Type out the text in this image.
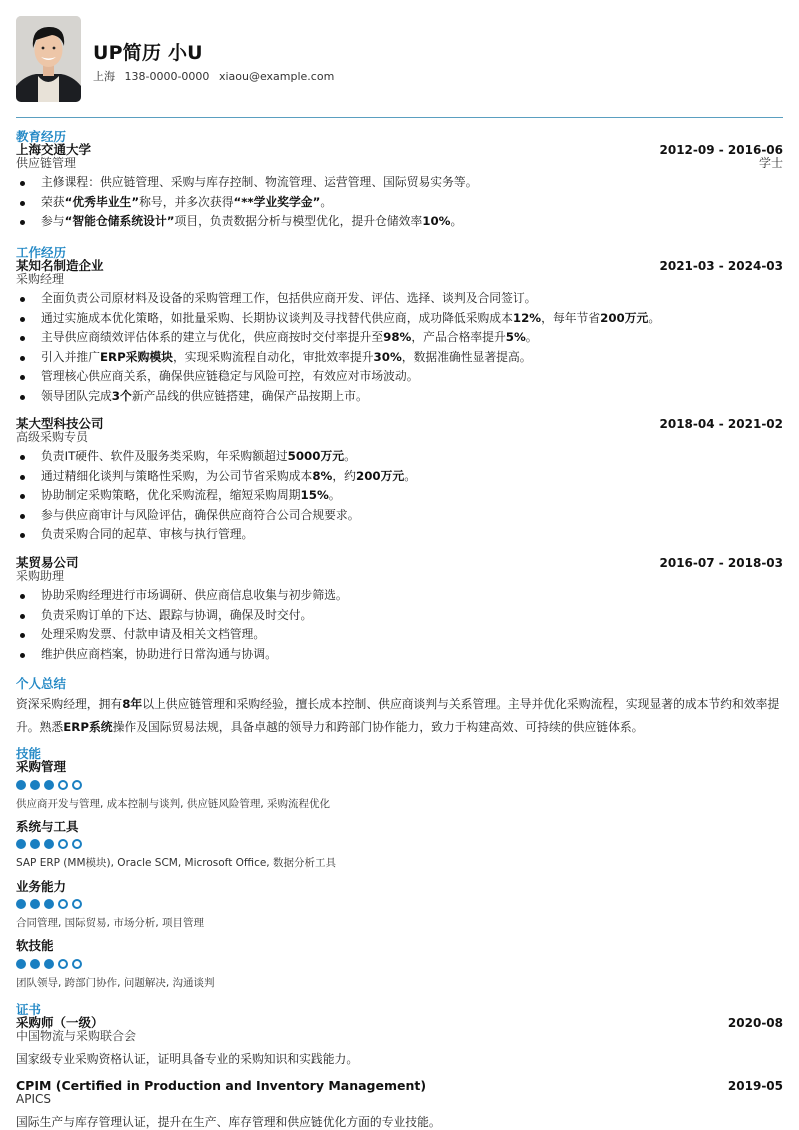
UP简历 小U
上海 138-0000-0000 xiaou@example.com
教育经历
上海交通大学
供应链管理
2012-09 - 2016-06
学士
主修课程：供应链管理、采购与库存控制、物流管理、运营管理、国际贸易实务等。
荣获“优秀毕业生”称号，并多次获得“**学业奖学金”。
参与“智能仓储系统设计”项目，负责数据分析与模型优化，提升仓储效率10%。
工作经历
某知名制造企业
采购经理
2021-03 - 2024-03
全面负责公司原材料及设备的采购管理工作，包括供应商开发、评估、选择、谈判及合同签订。
通过实施成本优化策略，如批量采购、长期协议谈判及寻找替代供应商，成功降低采购成本12%，每年节省200万元。
主导供应商绩效评估体系的建立与优化，供应商按时交付率提升至98%，产品合格率提升5%。
引入并推广ERP采购模块，实现采购流程自动化，审批效率提升30%，数据准确性显著提高。
管理核心供应商关系，确保供应链稳定与风险可控，有效应对市场波动。
领导团队完成3个新产品线的供应链搭建，确保产品按期上市。
某大型科技公司
高级采购专员
2018-04 - 2021-02
负责IT硬件、软件及服务类采购，年采购额超过5000万元。
通过精细化谈判与策略性采购，为公司节省采购成本8%，约200万元。
协助制定采购策略，优化采购流程，缩短采购周期15%。
参与供应商审计与风险评估，确保供应商符合公司合规要求。
负责采购合同的起草、审核与执行管理。
某贸易公司
采购助理
2016-07 - 2018-03
协助采购经理进行市场调研、供应商信息收集与初步筛选。
负责采购订单的下达、跟踪与协调，确保及时交付。
处理采购发票、付款申请及相关文档管理。
维护供应商档案，协助进行日常沟通与协调。
个人总结
资深采购经理，拥有8年以上供应链管理和采购经验，擅长成本控制、供应商谈判与关系管理。主导并优化采购流程，实现显著的成本节约和效率提升。熟悉ERP系统操作及国际贸易法规，具备卓越的领导力和跨部门协作能力，致力于构建高效、可持续的供应链体系。
技能
采购管理
供应商开发与管理, 成本控制与谈判, 供应链风险管理, 采购流程优化
系统与工具
SAP ERP (MM模块), Oracle SCM, Microsoft Office, 数据分析工具
业务能力
合同管理, 国际贸易, 市场分析, 项目管理
软技能
团队领导, 跨部门协作, 问题解决, 沟通谈判
证书
采购师（一级）
中国物流与采购联合会
2020-08
国家级专业采购资格认证，证明具备专业的采购知识和实践能力。
CPIM (Certified in Production and Inventory Management)
APICS
2019-05
国际生产与库存管理认证，提升在生产、库存管理和供应链优化方面的专业技能。
